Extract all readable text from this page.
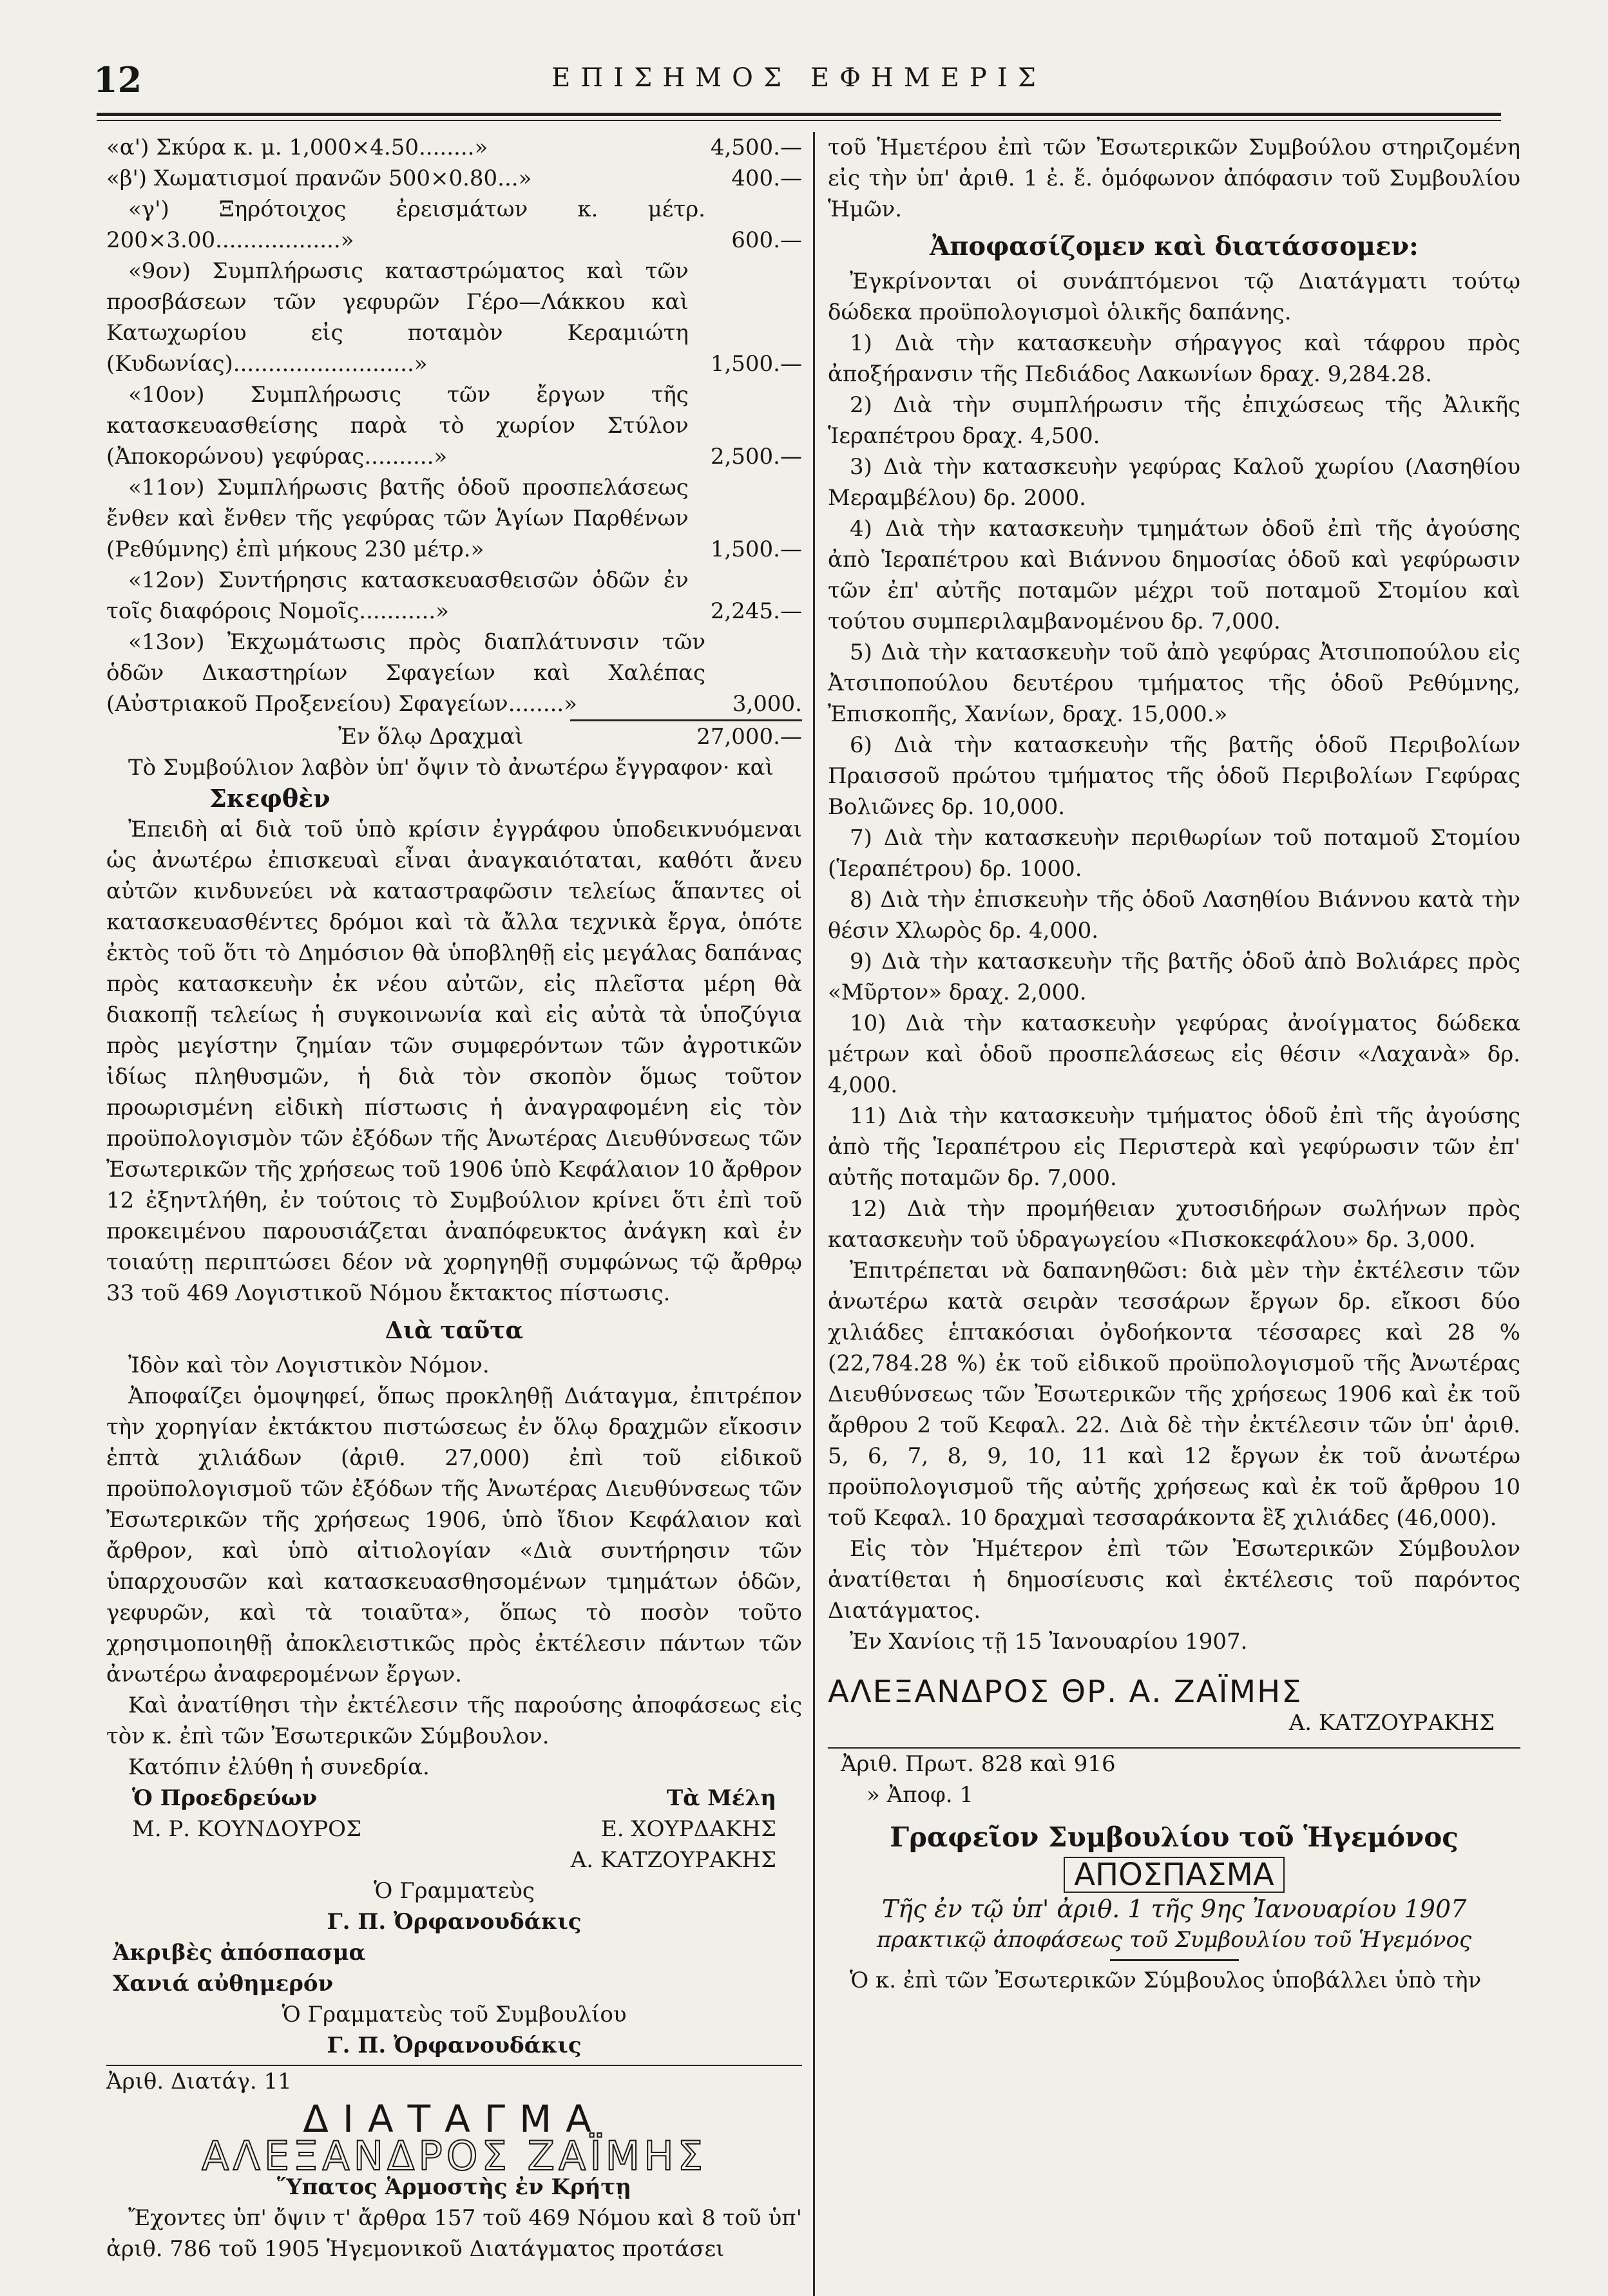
ΕΠΙΣΗΜΟΣ ΕΦΗΜΕΡΙΣ
12
«α') Σκύρα κ. μ. 1,000×4.50........»	4,500.—
«β') Χωματισμοί πρανῶν 500×0.80...»	400.—
«γ') Ξηρότοιχος ἐρεισμάτων κ. μέτρ. 200×3.00..................»	600.—
«9ον) Συμπλήρωσις καταστρώματος καὶ τῶν προσβάσεων τῶν γεφυρῶν Γέρο—Λάκκου καὶ Κατωχωρίου εἰς ποταμὸν Κεραμιώτη (Κυδωνίας)..........................»	1,500.—
«10ον) Συμπλήρωσις τῶν ἔργων τῆς κατασκευασθείσης παρὰ τὸ χωρίον Στύλον (Ἀποκορώνου) γεφύρας..........»	2,500.—
«11ον) Συμπλήρωσις βατῆς ὁδοῦ προσπελάσεως ἔνθεν καὶ ἔνθεν τῆς γεφύρας τῶν Ἁγίων Παρθένων (Ρεθύμνης) ἐπὶ μήκους 230 μέτρ.»	1,500.—
«12ον) Συντήρησις κατασκευασθεισῶν ὁδῶν ἐν τοῖς διαφόροις Νομοῖς...........»	2,245.—
«13ον) Ἐκχωμάτωσις πρὸς διαπλάτυνσιν τῶν ὁδῶν Δικαστηρίων Σφαγείων καὶ Χαλέπας (Αὐστριακοῦ Προξενείου) Σφαγείων........»	3,000.
Ἐν ὅλῳ Δραχμαὶ	27,000.—

Τὸ Συμβούλιον λαβὸν ὑπ' ὄψιν τὸ ἀνωτέρω ἔγγραφον· καὶ

Σκεφθὲν

Ἐπειδὴ αἱ διὰ τοῦ ὑπὸ κρίσιν ἐγγράφου ὑποδεικνυόμεναι ὡς ἀνωτέρω ἐπισκευαὶ εἶναι ἀναγκαιόταται, καθότι ἄνευ αὐτῶν κινδυνεύει νὰ καταστραφῶσιν τελείως ἅπαντες οἱ κατασκευασθέντες δρόμοι καὶ τὰ ἄλλα τεχνικὰ ἔργα, ὁπότε ἐκτὸς τοῦ ὅτι τὸ Δημόσιον θὰ ὑποβληθῇ εἰς μεγάλας δαπάνας πρὸς κατασκευὴν ἐκ νέου αὐτῶν, εἰς πλεῖστα μέρη θὰ διακοπῇ τελείως ἡ συγκοινωνία καὶ εἰς αὐτὰ τὰ ὑποζύγια πρὸς μεγίστην ζημίαν τῶν συμφερόντων τῶν ἀγροτικῶν ἰδίως πληθυσμῶν, ἡ διὰ τὸν σκοπὸν ὅμως τοῦτον προωρισμένη εἰδικὴ πίστωσις ἡ ἀναγραφομένη εἰς τὸν προϋπολογισμὸν τῶν ἐξόδων τῆς Ἀνωτέρας Διευθύνσεως τῶν Ἐσωτερικῶν τῆς χρήσεως τοῦ 1906 ὑπὸ Κεφάλαιον 10 ἄρθρον 12 ἐξηντλήθη, ἐν τούτοις τὸ Συμβούλιον κρίνει ὅτι ἐπὶ τοῦ προκειμένου παρουσιάζεται ἀναπόφευκτος ἀνάγκη καὶ ἐν τοιαύτῃ περιπτώσει δέον νὰ χορηγηθῇ συμφώνως τῷ ἄρθρῳ 33 τοῦ 469 Λογιστικοῦ Νόμου ἔκτακτος πίστωσις.

Διὰ ταῦτα

Ἰδὸν καὶ τὸν Λογιστικὸν Νόμον.

Ἀποφαίζει ὁμοψηφεί, ὅπως προκληθῇ Διάταγμα, ἐπιτρέπον τὴν χορηγίαν ἐκτάκτου πιστώσεως ἐν ὅλῳ δραχμῶν εἴκοσιν ἑπτὰ χιλιάδων (ἀριθ. 27,000) ἐπὶ τοῦ εἰδικοῦ προϋπολογισμοῦ τῶν ἐξόδων τῆς Ἀνωτέρας Διευθύνσεως τῶν Ἐσωτερικῶν τῆς χρήσεως 1906, ὑπὸ ἴδιον Κεφάλαιον καὶ ἄρθρον, καὶ ὑπὸ αἰτιολογίαν «Διὰ συντήρησιν τῶν ὑπαρχουσῶν καὶ κατασκευασθησομένων τμημάτων ὁδῶν, γεφυρῶν, καὶ τὰ τοιαῦτα», ὅπως τὸ ποσὸν τοῦτο χρησιμοποιηθῇ ἀποκλειστικῶς πρὸς ἐκτέλεσιν πάντων τῶν ἀνωτέρω ἀναφερομένων ἔργων.

Καὶ ἀνατίθησι τὴν ἐκτέλεσιν τῆς παρούσης ἀποφάσεως εἰς τὸν κ. ἐπὶ τῶν Ἐσωτερικῶν Σύμβουλον.

Κατόπιν ἐλύθη ἡ συνεδρία.

Ὁ Προεδρεύων	Τὰ Μέλη
Μ. Ρ. ΚΟΥΝΔΟΥΡΟΣ	Ε. ΧΟΥΡΔΑΚΗΣ
Α. ΚΑΤΖΟΥΡΑΚΗΣ
Ὁ Γραμματεὺς
Γ. Π. Ὀρφανουδάκις
Ἀκριβὲς ἀπόσπασμα
Χανιά αὐθημερόν
Ὁ Γραμματεὺς τοῦ Συμβουλίου
Γ. Π. Ὀρφανουδάκις
Ἀριθ. Διατάγ. 11
ΔΙΑΤΑΓΜΑ
ΑΛΕΞΑΝΔΡΟΣ ΖΑΪΜΗΣ
Ὕπατος Ἁρμοστὴς ἐν Κρήτῃ

Ἔχοντες ὑπ' ὄψιν τ' ἄρθρα 157 τοῦ 469 Νόμου καὶ 8 τοῦ ὑπ' ἀριθ. 786 τοῦ 1905 Ἡγεμονικοῦ Διατάγματος προτάσει

τοῦ Ἡμετέρου ἐπὶ τῶν Ἐσωτερικῶν Συμβούλου στηριζομένη εἰς τὴν ὑπ' ἀριθ. 1 ἐ. ἔ. ὁμόφωνον ἀπόφασιν τοῦ Συμβουλίου Ἡμῶν.

Ἀποφασίζομεν καὶ διατάσσομεν:

Ἐγκρίνονται οἱ συνάπτόμενοι τῷ Διατάγματι τούτῳ δώδεκα προϋπολογισμοὶ ὁλικῆς δαπάνης.

1) Διὰ τὴν κατασκευὴν σήραγγος καὶ τάφρου πρὸς ἀποξήρανσιν τῆς Πεδιάδος Λακωνίων δραχ. 9,284.28.

2) Διὰ τὴν συμπλήρωσιν τῆς ἐπιχώσεως τῆς Ἀλικῆς Ἱεραπέτρου δραχ. 4,500.

3) Διὰ τὴν κατασκευὴν γεφύρας Καλοῦ χωρίου (Λασηθίου Μεραμβέλου) δρ. 2000.

4) Διὰ τὴν κατασκευὴν τμημάτων ὁδοῦ ἐπὶ τῆς ἀγούσης ἀπὸ Ἱεραπέτρου καὶ Βιάννου δημοσίας ὁδοῦ καὶ γεφύρωσιν τῶν ἐπ' αὐτῆς ποταμῶν μέχρι τοῦ ποταμοῦ Στομίου καὶ τούτου συμπεριλαμβανομένου δρ. 7,000.

5) Διὰ τὴν κατασκευὴν τοῦ ἀπὸ γεφύρας Ἀτσιποπούλου εἰς Ἀτσιποπούλου δευτέρου τμήματος τῆς ὁδοῦ Ρεθύμνης, Ἐπισκοπῆς, Χανίων, δραχ. 15,000.»

6) Διὰ τὴν κατασκευὴν τῆς βατῆς ὁδοῦ Περιβολίων Πραισσοῦ πρώτου τμήματος τῆς ὁδοῦ Περιβολίων Γεφύρας Βολιῶνες δρ. 10,000.

7) Διὰ τὴν κατασκευὴν περιθωρίων τοῦ ποταμοῦ Στομίου (Ἱεραπέτρου) δρ. 1000.

8) Διὰ τὴν ἐπισκευὴν τῆς ὁδοῦ Λασηθίου Βιάννου κατὰ τὴν θέσιν Χλωρὸς δρ. 4,000.

9) Διὰ τὴν κατασκευὴν τῆς βατῆς ὁδοῦ ἀπὸ Βολιάρες πρὸς «Μῦρτον» δραχ. 2,000.

10) Διὰ τὴν κατασκευὴν γεφύρας ἀνοίγματος δώδεκα μέτρων καὶ ὁδοῦ προσπελάσεως εἰς θέσιν «Λαχανὰ» δρ. 4,000.

11) Διὰ τὴν κατασκευὴν τμήματος ὁδοῦ ἐπὶ τῆς ἀγούσης ἀπὸ τῆς Ἱεραπέτρου εἰς Περιστερὰ καὶ γεφύρωσιν τῶν ἐπ' αὐτῆς ποταμῶν δρ. 7,000.

12) Διὰ τὴν προμήθειαν χυτοσιδήρων σωλήνων πρὸς κατασκευὴν τοῦ ὑδραγωγείου «Πισκοκεφάλου» δρ. 3,000.

Ἐπιτρέπεται νὰ δαπανηθῶσι: διὰ μὲν τὴν ἐκτέλεσιν τῶν ἀνωτέρω κατὰ σειρὰν τεσσάρων ἔργων δρ. εἴκοσι δύο χιλιάδες ἑπτακόσιαι ὀγδοήκοντα τέσσαρες καὶ 28 % (22,784.28 %) ἐκ τοῦ εἰδικοῦ προϋπολογισμοῦ τῆς Ἀνωτέρας Διευθύνσεως τῶν Ἐσωτερικῶν τῆς χρήσεως 1906 καὶ ἐκ τοῦ ἄρθρου 2 τοῦ Κεφαλ. 22. Διὰ δὲ τὴν ἐκτέλεσιν τῶν ὑπ' ἀριθ. 5, 6, 7, 8, 9, 10, 11 καὶ 12 ἔργων ἐκ τοῦ ἀνωτέρω προϋπολογισμοῦ τῆς αὐτῆς χρήσεως καὶ ἐκ τοῦ ἄρθρου 10 τοῦ Κεφαλ. 10 δραχμαὶ τεσσαράκοντα ἓξ χιλιάδες (46,000).

Εἰς τὸν Ἡμέτερον ἐπὶ τῶν Ἐσωτερικῶν Σύμβουλον ἀνατίθεται ἡ δημοσίευσις καὶ ἐκτέλεσις τοῦ παρόντος Διατάγματος.

Ἐν Χανίοις τῇ 15 Ἰανουαρίου 1907.

ΑΛΕΞΑΝΔΡΟΣ ΘΡ. Α. ΖΑΪΜΗΣ
Α. ΚΑΤΖΟΥΡΑΚΗΣ
Ἀριθ. Πρωτ. 828 καὶ 916
» Ἀποφ. 1
Γραφεῖον Συμβουλίου τοῦ Ἡγεμόνος
ΑΠΟΣΠΑΣΜΑ
Τῆς ἐν τῷ ὑπ' ἀριθ. 1 τῆς 9ης Ἰανουαρίου 1907
πρακτικῷ ἀποφάσεως τοῦ Συμβουλίου τοῦ Ἡγεμόνος

Ὁ κ. ἐπὶ τῶν Ἐσωτερικῶν Σύμβουλος ὑποβάλλει ὑπὸ τὴν
